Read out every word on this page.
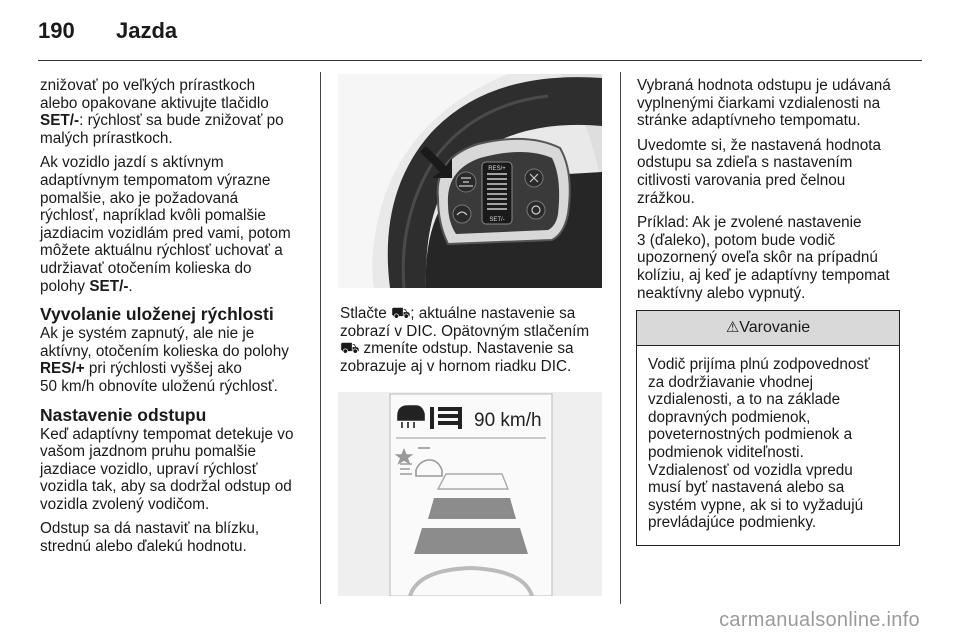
190 Jazda

znižovať po veľkých prírastkoch
alebo opakovane aktivujte tlačidlo
SET/-: rýchlosť sa bude znižovať po
malých prírastkoch.

Ak vozidlo jazdí s aktívnym
adaptívnym tempomatom výrazne
pomalšie, ako je požadovaná
rýchlosť, napríklad kvôli pomalšie
jazdiacim vozidlám pred vami, potom
môžete aktuálnu rýchlosť uchovať a
udržiavať otočením kolieska do
polohy SET/-.

Vyvolanie uloženej rýchlosti

Ak je systém zapnutý, ale nie je
aktívny, otočením kolieska do polohy
RES/+ pri rýchlosti vyššej ako
50 km/h obnovíte uloženú rýchlosť.

Nastavenie odstupu

Keď adaptívny tempomat detekuje vo
vašom jazdnom pruhu pomalšie
jazdiace vozidlo, upraví rýchlosť
vozidla tak, aby sa dodržal odstup od
vozidla zvolený vodičom.

Odstup sa dá nastaviť na blízku,
strednú alebo ďalekú hodnotu.

RES/+
SET/-

Stlačte ⛟; aktuálne nastavenie sa
zobrazí v DIC. Opätovným stlačením
⛟ zmeníte odstup. Nastavenie sa
zobrazuje aj v hornom riadku DIC.

90 km/h

Vybraná hodnota odstupu je udávaná
vyplnenými čiarkami vzdialenosti na
stránke adaptívneho tempomatu.

Uvedomte si, že nastavená hodnota
odstupu sa zdieľa s nastavením
citlivosti varovania pred čelnou
zrážkou.

Príklad: Ak je zvolené nastavenie
3 (ďaleko), potom bude vodič
upozornený oveľa skôr na prípadnú
kolíziu, aj keď je adaptívny tempomat
neaktívny alebo vypnutý.

⚠Varovanie
Vodič prijíma plnú zodpovednosť
za dodržiavanie vhodnej
vzdialenosti, a to na základe
dopravných podmienok,
poveternostných podmienok a
podmienok viditeľnosti.
Vzdialenosť od vozidla vpredu
musí byť nastavená alebo sa
systém vypne, ak si to vyžadujú
prevládajúce podmienky.
carmanualsonline.info
